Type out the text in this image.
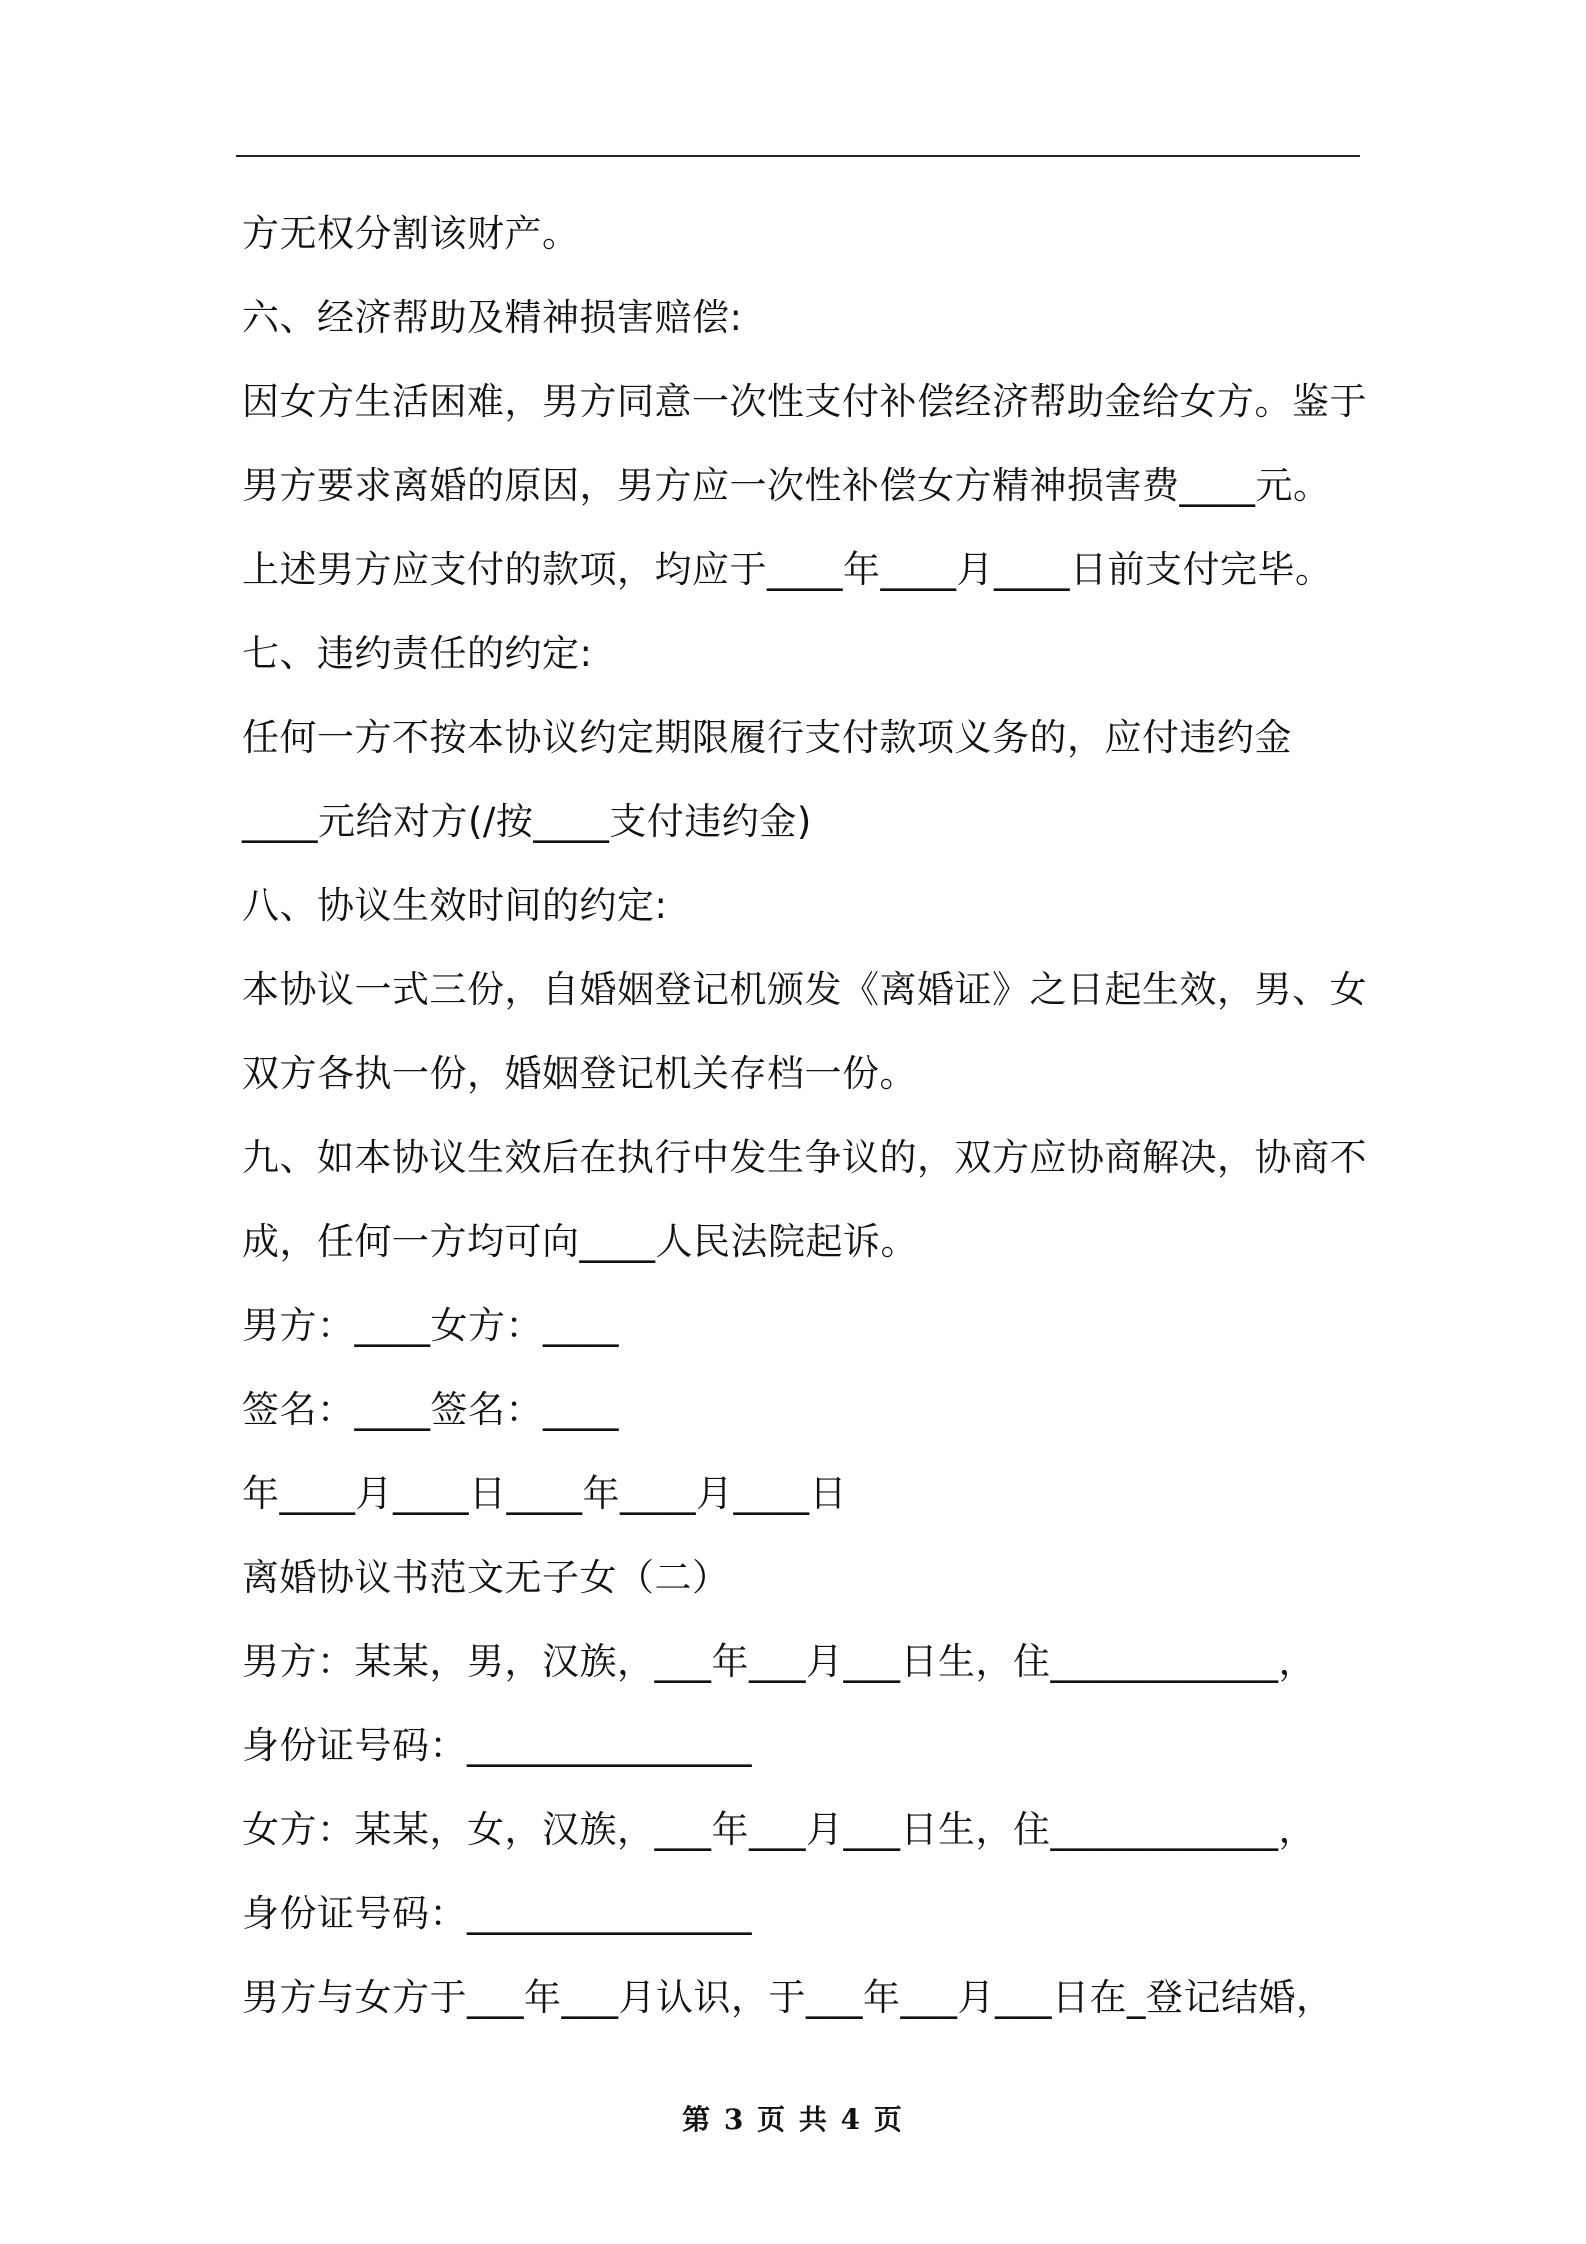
方无权分割该财产。
六、经济帮助及精神损害赔偿:
因女方生活困难，男方同意一次性支付补偿经济帮助金给女方。鉴于
男方要求离婚的原因，男方应一次性补偿女方精神损害费____元。
上述男方应支付的款项，均应于____年____月____日前支付完毕。
七、违约责任的约定:
任何一方不按本协议约定期限履行支付款项义务的，应付违约金
____元给对方(/按____支付违约金)
八、协议生效时间的约定:
本协议一式三份，自婚姻登记机颁发《离婚证》之日起生效，男、女
双方各执一份，婚姻登记机关存档一份。
九、如本协议生效后在执行中发生争议的，双方应协商解决，协商不
成，任何一方均可向____人民法院起诉。
男方：____女方：____
签名：____签名：____
年____月____日____年____月____日
离婚协议书范文无子女（二）
男方：某某，男，汉族，___年___月___日生，住____________，
身份证号码：_______________
女方：某某，女，汉族，___年___月___日生，住____________，
身份证号码：_______________
男方与女方于___年___月认识，于___年___月___日在_登记结婚，
第 3 页 共 4 页
